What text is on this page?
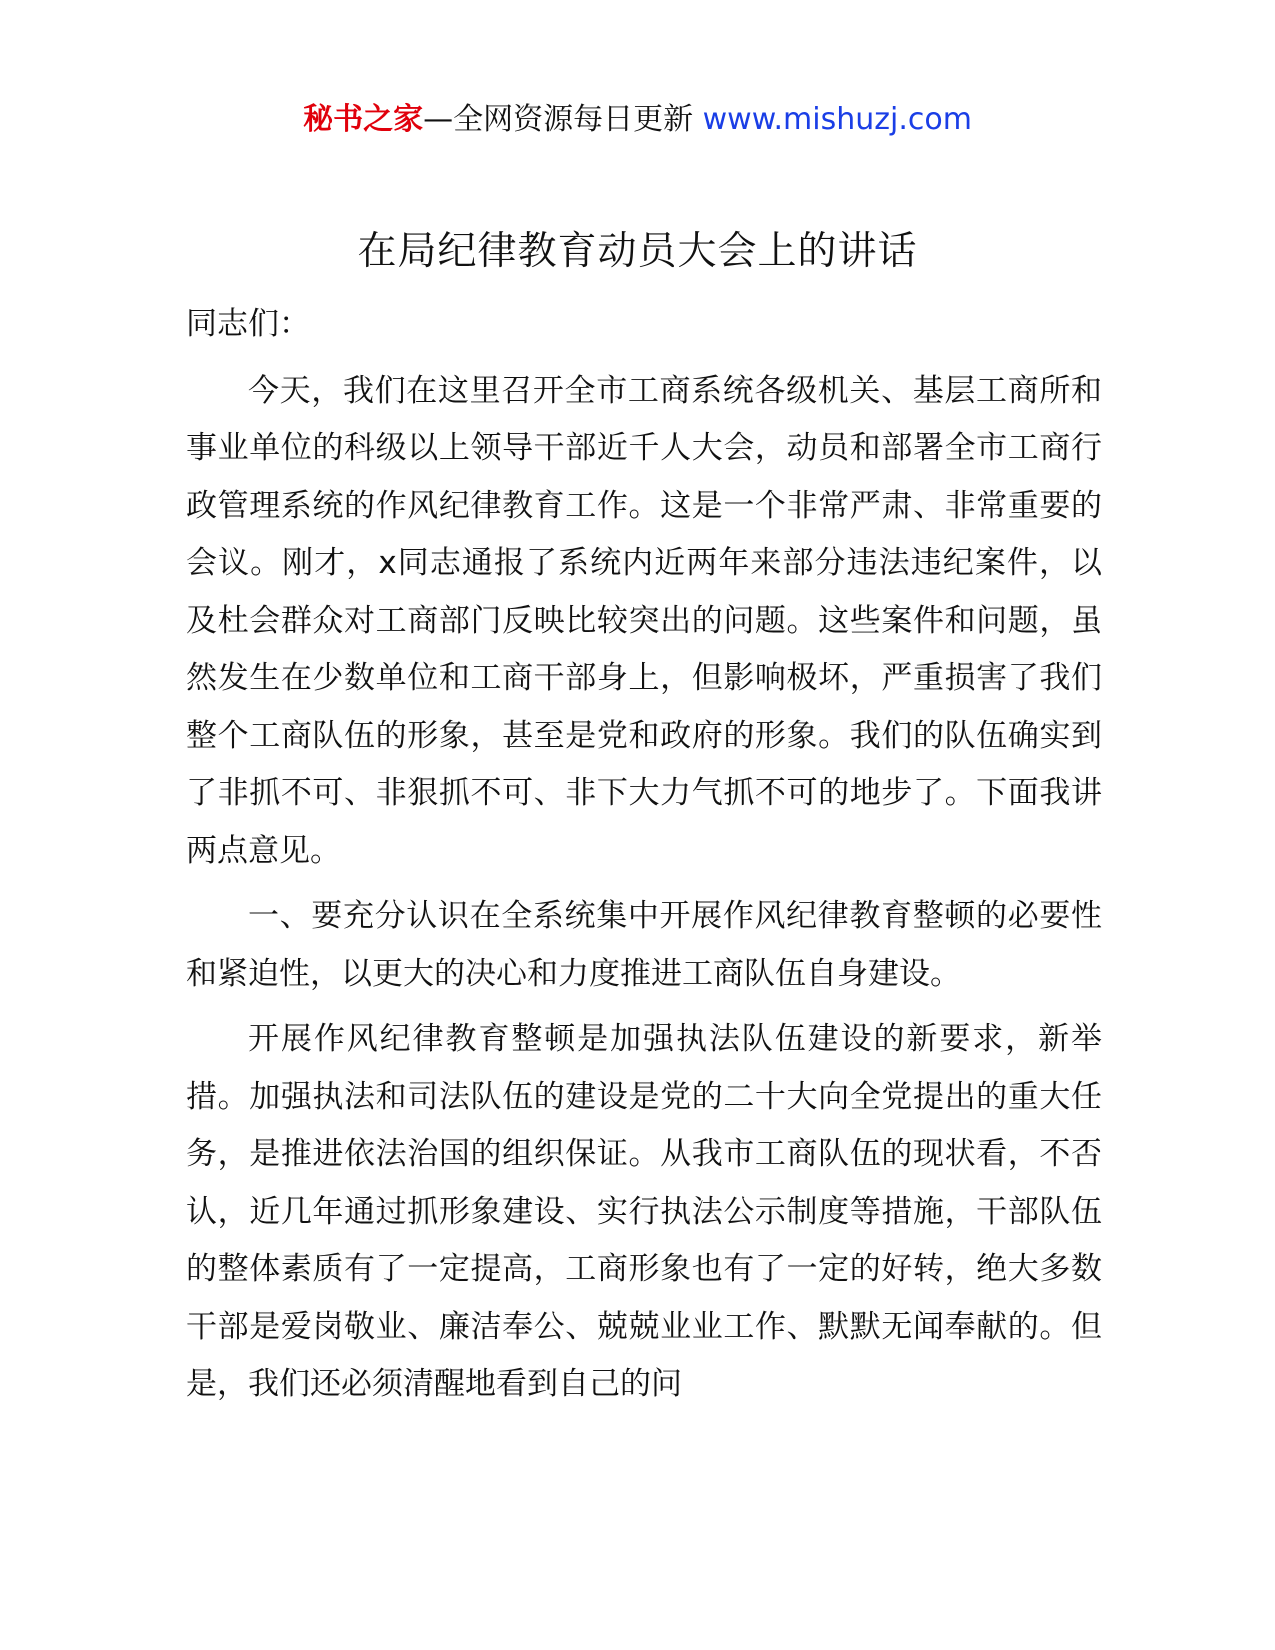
秘书之家—全网资源每日更新 www.mishuzj.com
在局纪律教育动员大会上的讲话

同志们：

今天，我们在这里召开全市工商系统各级机关、基层工商所和事业单位的科级以上领导干部近千人大会，动员和部署全市工商行政管理系统的作风纪律教育工作。这是一个非常严肃、非常重要的会议。刚才，x同志通报了系统内近两年来部分违法违纪案件，以及杜会群众对工商部门反映比较突出的问题。这些案件和问题，虽然发生在少数单位和工商干部身上，但影响极坏，严重损害了我们整个工商队伍的形象，甚至是党和政府的形象。我们的队伍确实到了非抓不可、非狠抓不可、非下大力气抓不可的地步了。下面我讲两点意见。

一、要充分认识在全系统集中开展作风纪律教育整顿的必要性和紧迫性，以更大的决心和力度推进工商队伍自身建设。

开展作风纪律教育整顿是加强执法队伍建设的新要求，新举措。加强执法和司法队伍的建设是党的二十大向全党提出的重大任务，是推进依法治国的组织保证。从我市工商队伍的现状看，不否认，近几年通过抓形象建设、实行执法公示制度等措施，干部队伍的整体素质有了一定提高，工商形象也有了一定的好转，绝大多数干部是爱岗敬业、廉洁奉公、兢兢业业工作、默默无闻奉献的。但是，我们还必须清醒地看到自己的问
